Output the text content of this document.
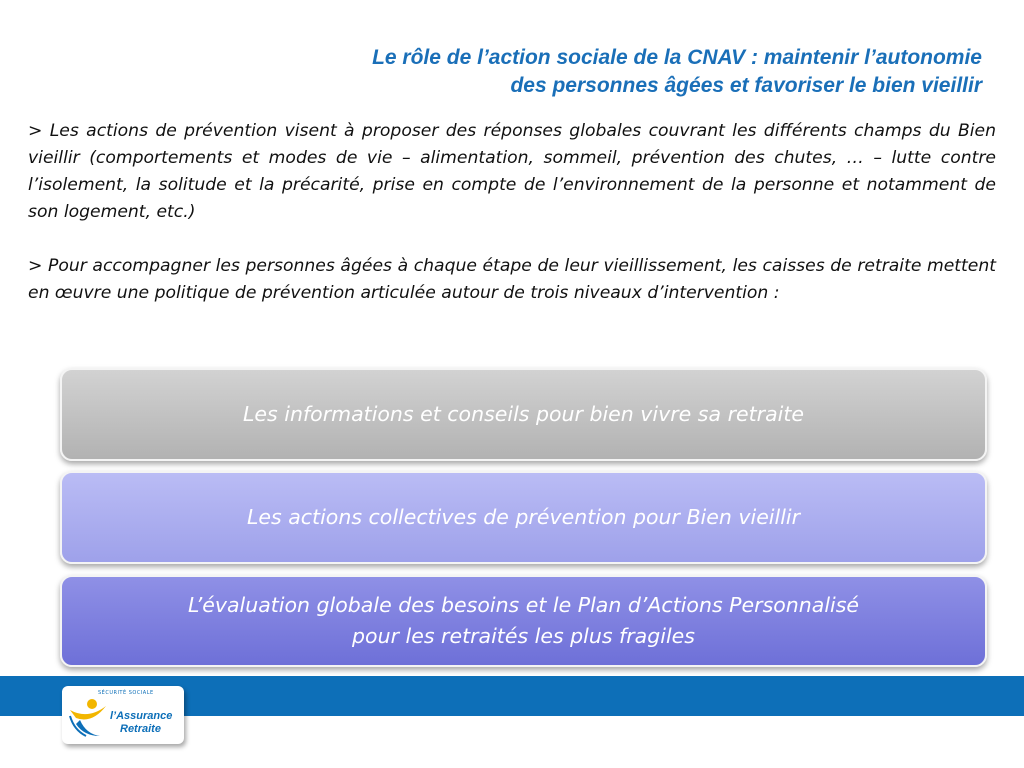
Le rôle de l’action sociale de la CNAV : maintenir l’autonomie
des personnes âgées et favoriser le bien vieillir

> Les actions de prévention visent à proposer des réponses globales couvrant les différents champs du Bien vieillir (comportements et modes de vie – alimentation, sommeil, prévention des chutes, … – lutte contre l’isolement, la solitude et la précarité, prise en compte de l’environnement de la personne et notamment de son logement, etc.)

> Pour accompagner les personnes âgées à chaque étape de leur vieillissement, les caisses de retraite mettent en œuvre une politique de prévention articulée autour de trois niveaux d’intervention :

Les informations et conseils pour bien vivre sa retraite
Les actions collectives de prévention pour Bien vieillir
L’évaluation globale des besoins et le Plan d’Actions Personnalisé
pour les retraités les plus fragiles
SÉCURITÉ SOCIALE
l’Assurance
Retraite
